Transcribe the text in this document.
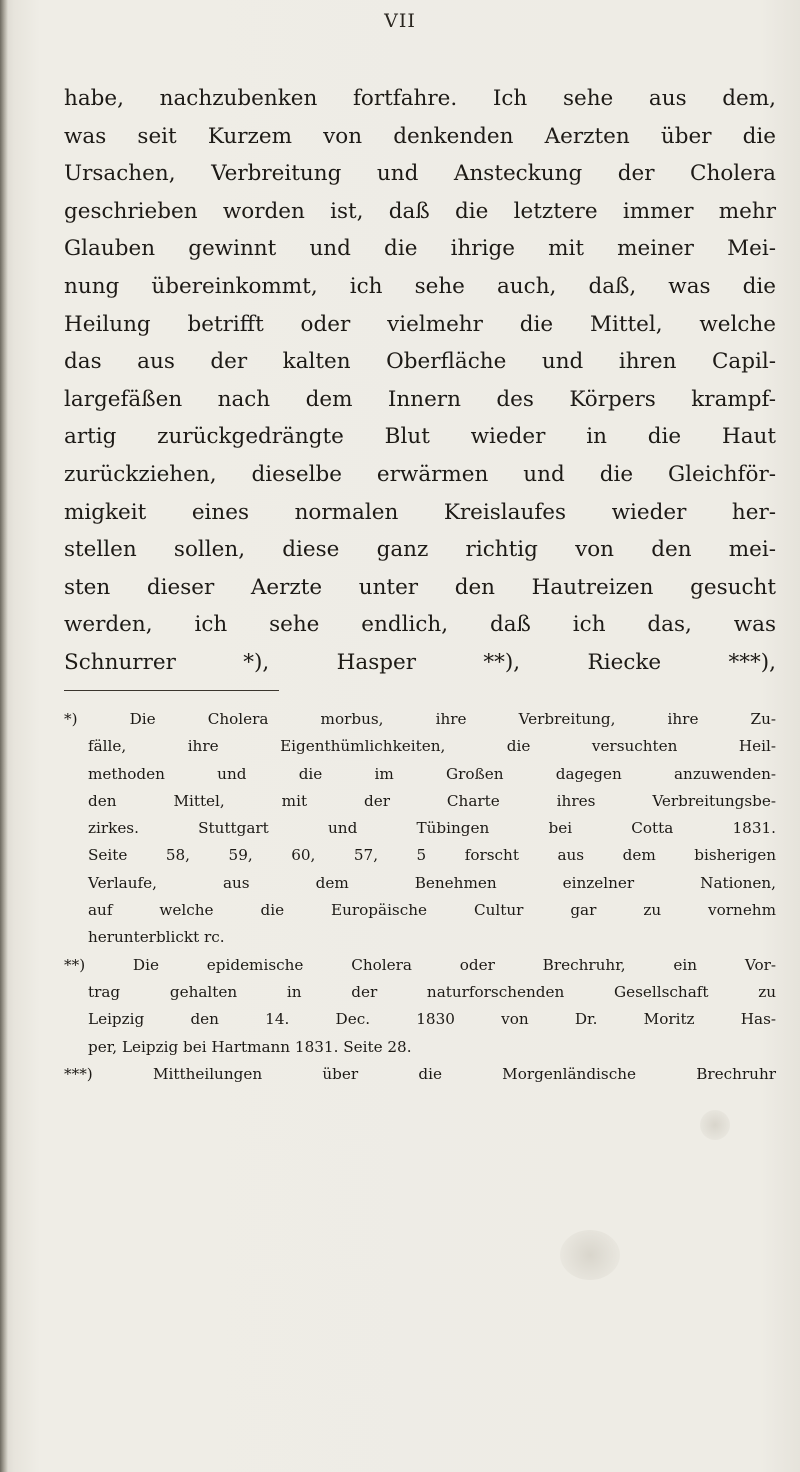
VII
habe, nachzubenken fortfahre. Ich sehe aus dem,
was seit Kurzem von denkenden Aerzten über die
Ursachen, Verbreitung und Ansteckung der Cholera
geschrieben worden ist, daß die letztere immer mehr
Glauben gewinnt und die ihrige mit meiner Mei-
nung übereinkommt, ich sehe auch, daß, was die
Heilung betrifft oder vielmehr die Mittel, welche
das aus der kalten Oberfläche und ihren Capil-
largefäßen nach dem Innern des Körpers krampf-
artig zurückgedrängte Blut wieder in die Haut
zurückziehen, dieselbe erwärmen und die Gleichför-
migkeit eines normalen Kreislaufes wieder her-
stellen sollen, diese ganz richtig von den mei-
sten dieser Aerzte unter den Hautreizen gesucht
werden, ich sehe endlich, daß ich das, was
Schnurrer *), Hasper **), Riecke ***),
*) Die Cholera morbus, ihre Verbreitung, ihre Zu-
fälle, ihre Eigenthümlichkeiten, die versuchten Heil-
methoden und die im Großen dagegen anzuwenden-
den Mittel, mit der Charte ihres Verbreitungsbe-
zirkes. Stuttgart und Tübingen bei Cotta 1831.
Seite 58, 59, 60, 57, 5 forscht aus dem bisherigen
Verlaufe, aus dem Benehmen einzelner Nationen,
auf welche die Europäische Cultur gar zu vornehm
herunterblickt rc.
**) Die epidemische Cholera oder Brechruhr, ein Vor-
trag gehalten in der naturforschenden Gesellschaft zu
Leipzig den 14. Dec. 1830 von Dr. Moritz Has-
per, Leipzig bei Hartmann 1831. Seite 28.
***) Mittheilungen über die Morgenländische Brechruhr
